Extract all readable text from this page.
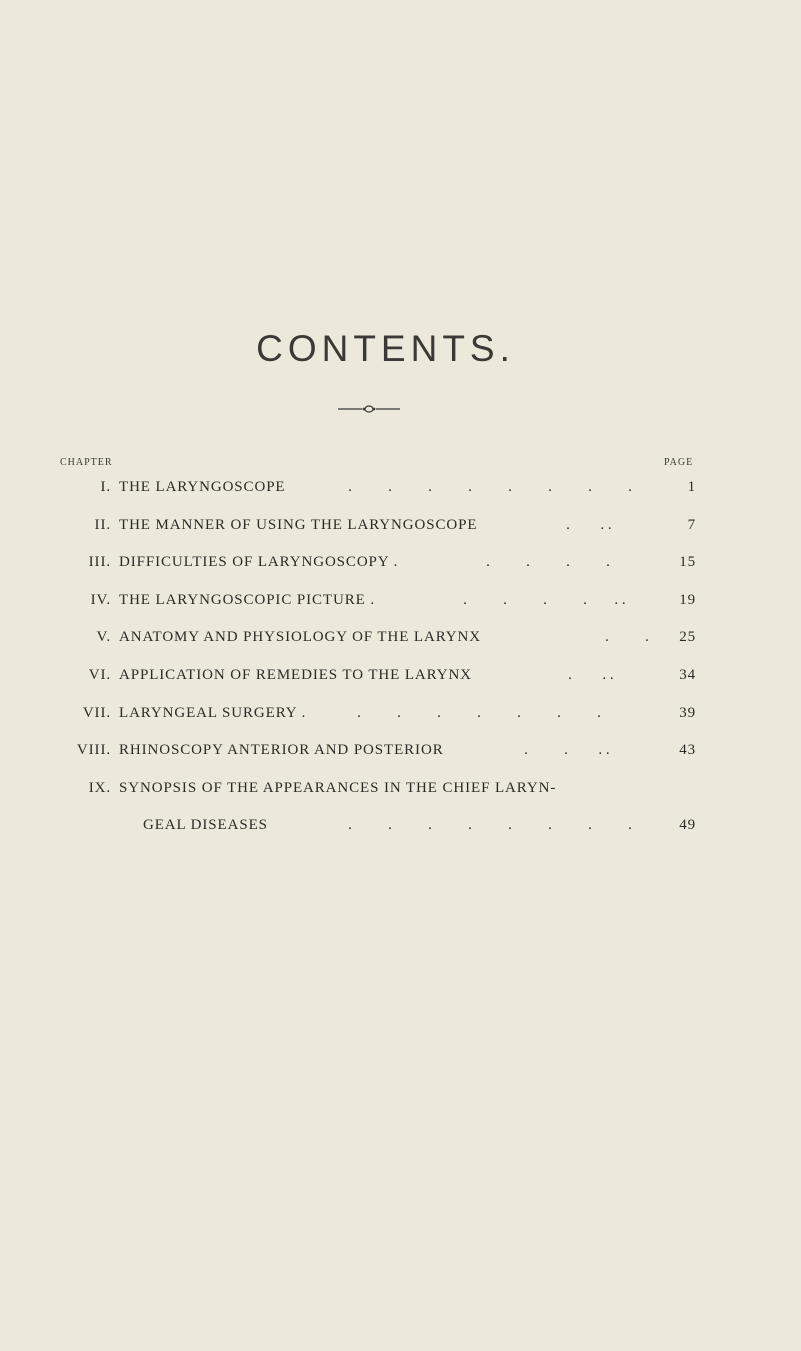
CONTENTS.
CHAPTER	PAGE
I. THE LARYNGOSCOPE	. . . . . . . .	1
II. THE MANNER OF USING THE LARYNGOSCOPE	. . .	7
III. DIFFICULTIES OF LARYNGOSCOPY .	. . . .	15
IV. THE LARYNGOSCOPIC PICTURE .	. . . . . .	19
V. ANATOMY AND PHYSIOLOGY OF THE LARYNX	. .	25
VI. APPLICATION OF REMEDIES TO THE LARYNX	. . .	34
VII. LARYNGEAL SURGERY .	. . . . . . .	39
VIII. RHINOSCOPY ANTERIOR AND POSTERIOR	. . . .	43
IX. SYNOPSIS OF THE APPEARANCES IN THE CHIEF LARYN-
GEAL DISEASES	. . . . . . . .	49
